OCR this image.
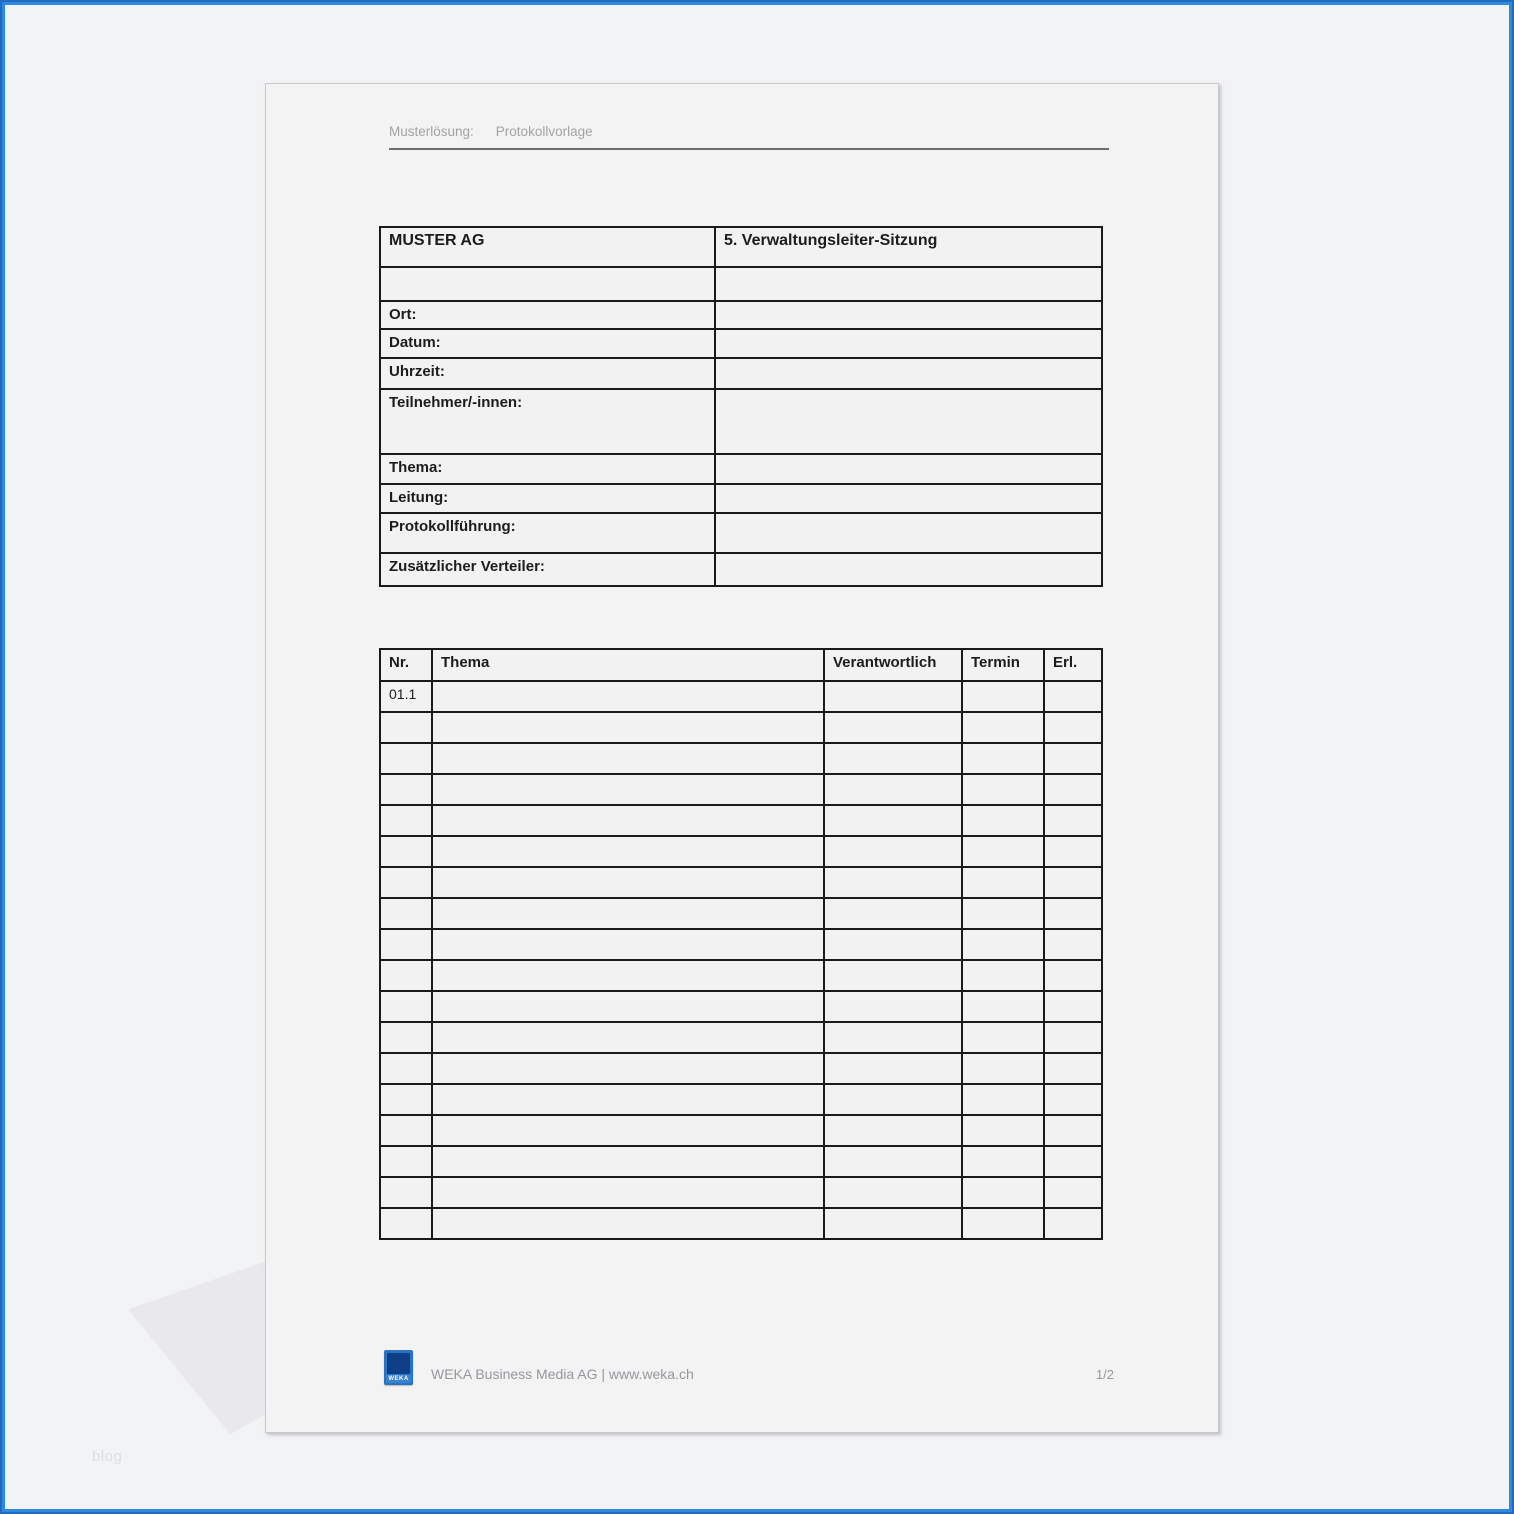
blog
Musterlösung: Protokollvorlage
MUSTER AG	5. Verwaltungsleiter-Sitzung

Ort:	
Datum:	
Uhrzeit:	
Teilnehmer/-innen:	
Thema:	
Leitung:	
Protokollführung:	
Zusätzlicher Verteiler:	
Nr.	Thema	Verantwortlich	Termin	Erl.
01.1				

WEKA WEKA Business Media AG | www.weka.ch	1/2
